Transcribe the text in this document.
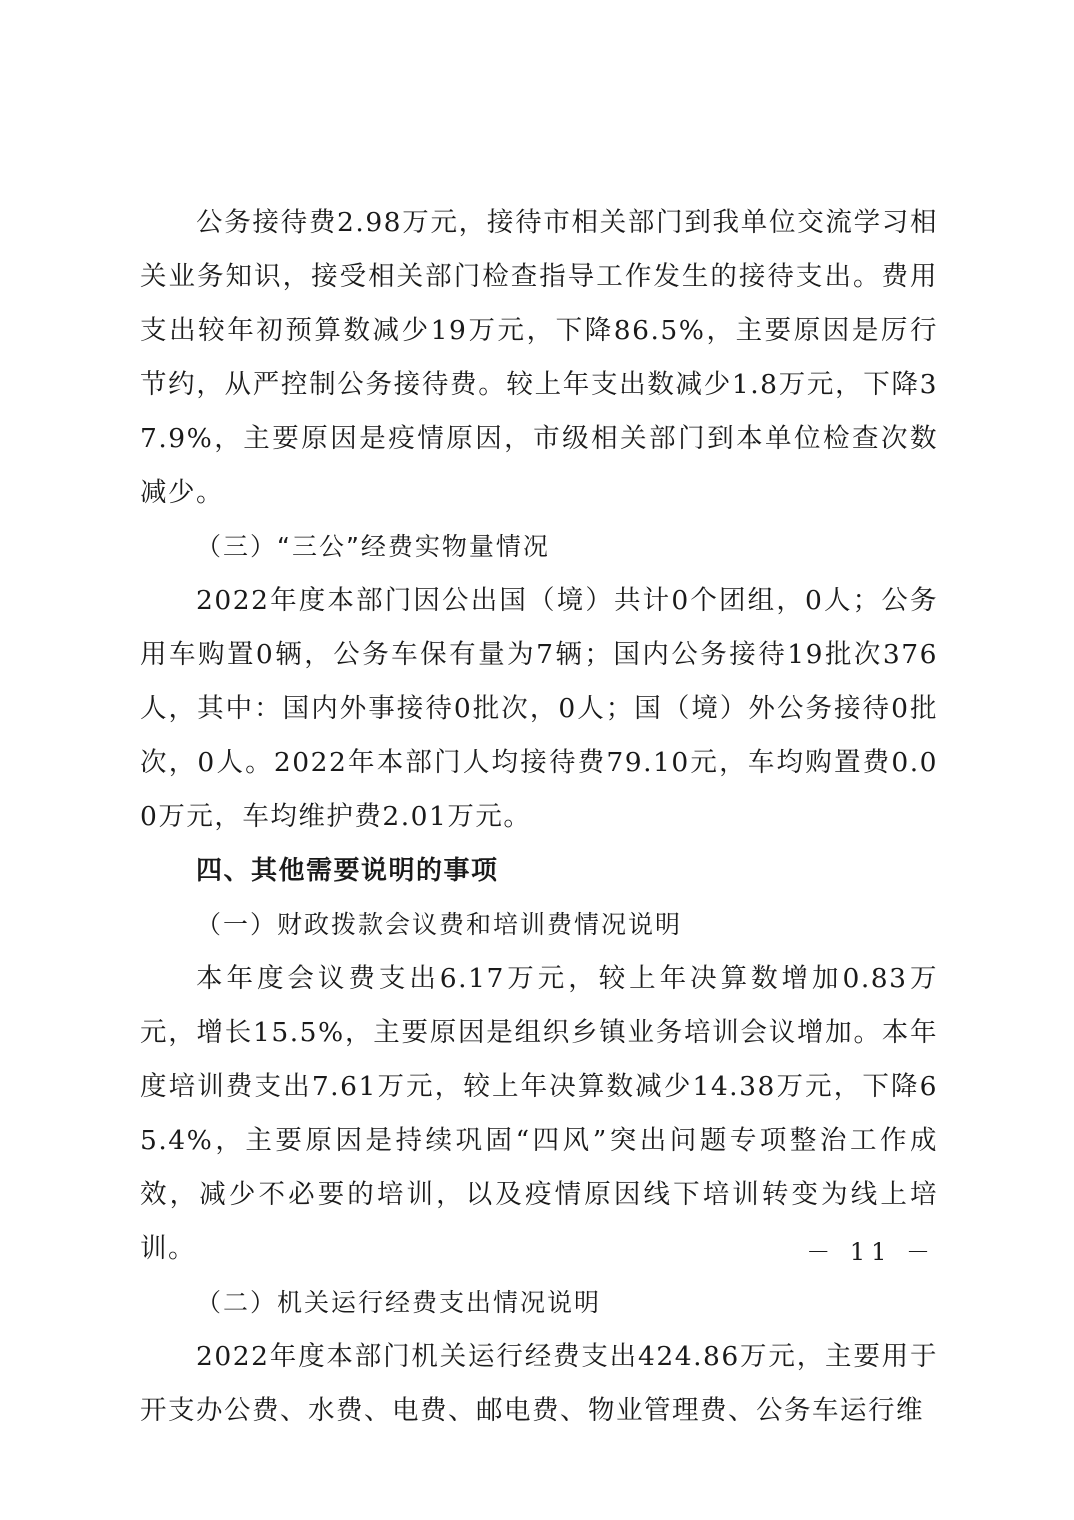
公务接待费2.98万元，接待市相关部门到我单位交流学习相关业务知识，接受相关部门检查指导工作发生的接待支出。费用支出较年初预算数减少19万元，下降86.5%，主要原因是厉行节约，从严控制公务接待费。较上年支出数减少1.8万元，下降37.9%，主要原因是疫情原因，市级相关部门到本单位检查次数减少。

（三）“三公”经费实物量情况

2022年度本部门因公出国（境）共计0个团组，0人；公务用车购置0辆，公务车保有量为7辆；国内公务接待19批次376人，其中：国内外事接待0批次，0人；国（境）外公务接待0批次，0人。2022年本部门人均接待费79.10元，车均购置费0.00万元，车均维护费2.01万元。

四、其他需要说明的事项

（一）财政拨款会议费和培训费情况说明

本年度会议费支出6.17万元，较上年决算数增加0.83万元，增长15.5%，主要原因是组织乡镇业务培训会议增加。本年度培训费支出7.61万元，较上年决算数减少14.38万元，下降65.4%，主要原因是持续巩固“四风”突出问题专项整治工作成效，减少不必要的培训，以及疫情原因线下培训转变为线上培训。

（二）机关运行经费支出情况说明

2022年度本部门机关运行经费支出424.86万元，主要用于开支办公费、水费、电费、邮电费、物业管理费、公务车运行维

－ 11 －
